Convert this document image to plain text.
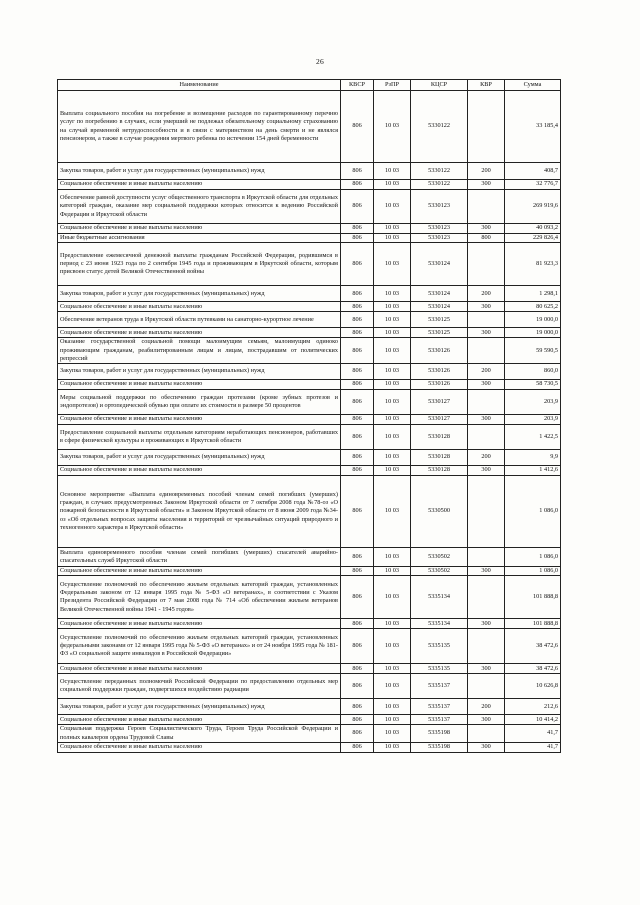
26
Наименование	КВСР	РзПР	КЦСР	КВР	Сумма
Выплата социального пособия на погребение и возмещение расходов по гарантированному перечню услуг по погребению в случаях, если умерший не подлежал обязательному социальному страхованию на случай временной нетрудоспособности и в связи с материнством на день смерти и не являлся пенсионером, а также в случае рождения мертвого ребенка по истечении 154 дней беременности	806	10 03	5330122		33 185,4
Закупка товаров, работ и услуг для государственных (муниципальных) нужд	806	10 03	5330122	200	408,7
Социальное обеспечение и иные выплаты населению	806	10 03	5330122	300	32 776,7
Обеспечение равной доступности услуг общественного транспорта в Иркутской области для отдельных категорий граждан, оказание мер социальной поддержки которых относится к ведению Российской Федерации и Иркутской области	806	10 03	5330123		269 919,6
Социальное обеспечение и иные выплаты населению	806	10 03	5330123	300	40 093,2
Иные бюджетные ассигнования	806	10 03	5330123	800	229 826,4
Предоставление ежемесячной денежной выплаты гражданам Российской Федерации, родившимся в период с 23 июня 1923 года по 2 сентября 1945 года и проживающим в Иркутской области, которым присвоен статус детей Великой Отечественной войны	806	10 03	5330124		81 923,3
Закупка товаров, работ и услуг для государственных (муниципальных) нужд	806	10 03	5330124	200	1 298,1
Социальное обеспечение и иные выплаты населению	806	10 03	5330124	300	80 625,2
Обеспечение ветеранов труда в Иркутской области путевками на санаторно-курортное лечение	806	10 03	5330125		19 000,0
Социальное обеспечение и иные выплаты населению	806	10 03	5330125	300	19 000,0
Оказание государственной социальной помощи малоимущим семьям, малоимущим одиноко проживающим гражданам, реабилитированным лицам и лицам, пострадавшим от политических репрессий	806	10 03	5330126		59 590,5
Закупка товаров, работ и услуг для государственных (муниципальных) нужд	806	10 03	5330126	200	860,0
Социальное обеспечение и иные выплаты населению	806	10 03	5330126	300	58 730,5
Меры социальной поддержки по обеспечению граждан протезами (кроме зубных протезов и эндопротезов) и ортопедической обувью при оплате их стоимости в размере 50 процентов	806	10 03	5330127		203,9
Социальное обеспечение и иные выплаты населению	806	10 03	5330127	300	203,9
Предоставление социальной выплаты отдельным категориям неработающих пенсионеров, работавших в сфере физической культуры и проживающих в Иркутской области	806	10 03	5330128		1 422,5
Закупка товаров, работ и услуг для государственных (муниципальных) нужд	806	10 03	5330128	200	9,9
Социальное обеспечение и иные выплаты населению	806	10 03	5330128	300	1 412,6
Основное мероприятие «Выплата единовременных пособий членам семей погибших (умерших) граждан, в случаях предусмотренных Законом Иркутской области от 7 октября 2008 года №78-оз «О пожарной безопасности в Иркутской области» и Законом Иркутской области от 8 июня 2009 года №34-оз «Об отдельных вопросах защиты населения и территорий от чрезвычайных ситуаций природного и техногенного характера в Иркутской области»	806	10 03	5330500		1 086,0
Выплата единовременного пособия членам семей погибших (умерших) спасателей аварийно-спасательных служб Иркутской области	806	10 03	5330502		1 086,0
Социальное обеспечение и иные выплаты населению	806	10 03	5330502	300	1 086,0
Осуществление полномочий по обеспечению жильем отдельных категорий граждан, установленных Федеральным законом от 12 января 1995 года № 5-ФЗ «О ветеранах», в соответствии с Указом Президента Российской Федерации от 7 мая 2008 года № 714 «Об обеспечении жильем ветеранов Великой Отечественной войны 1941 - 1945 годов»	806	10 03	5335134		101 888,8
Социальное обеспечение и иные выплаты населению	806	10 03	5335134	300	101 888,8
Осуществление полномочий по обеспечению жильем отдельных категорий граждан, установленных федеральными законами от 12 января 1995 года № 5-ФЗ «О ветеранах» и от 24 ноября 1995 года № 181-ФЗ «О социальной защите инвалидов в Российской Федерации»	806	10 03	5335135		38 472,6
Социальное обеспечение и иные выплаты населению	806	10 03	5335135	300	38 472,6
Осуществление переданных полномочий Российской Федерации по предоставлению отдельных мер социальной поддержки граждан, подвергшихся воздействию радиации	806	10 03	5335137		10 626,8
Закупка товаров, работ и услуг для государственных (муниципальных) нужд	806	10 03	5335137	200	212,6
Социальное обеспечение и иные выплаты населению	806	10 03	5335137	300	10 414,2
Социальная поддержка Героев Социалистического Труда, Героев Труда Российской Федерации и полных кавалеров ордена Трудовой Славы	806	10 03	5335198		41,7
Социальное обеспечение и иные выплаты населению	806	10 03	5335198	300	41,7
